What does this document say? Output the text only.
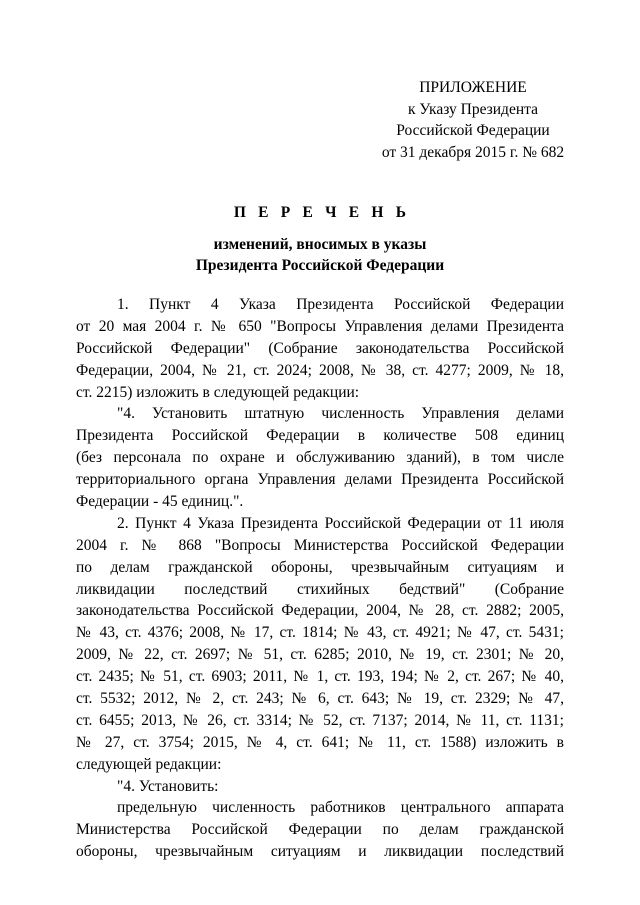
ПРИЛОЖЕНИЕ
к Указу Президента
Российской Федерации
от 31 декабря 2015 г. № 682
П Е Р Е Ч Е Н Ь
изменений, вносимых в указы
Президента Российской Федерации
1. Пункт 4 Указа Президента Российской Федерации
от 20 мая 2004 г. № 650 "Вопросы Управления делами Президента
Российской Федерации" (Собрание законодательства Российской
Федерации, 2004, № 21, ст. 2024; 2008, № 38, ст. 4277; 2009, № 18,
ст. 2215) изложить в следующей редакции:
"4. Установить штатную численность Управления делами
Президента Российской Федерации в количестве 508 единиц
(без персонала по охране и обслуживанию зданий), в том числе
территориального органа Управления делами Президента Российской
Федерации - 45 единиц.".
2. Пункт 4 Указа Президента Российской Федерации от 11 июля
2004 г. № 868 "Вопросы Министерства Российской Федерации
по делам гражданской обороны, чрезвычайным ситуациям и
ликвидации последствий стихийных бедствий" (Собрание
законодательства Российской Федерации, 2004, № 28, ст. 2882; 2005,
№ 43, ст. 4376; 2008, № 17, ст. 1814; № 43, ст. 4921; № 47, ст. 5431;
2009, № 22, ст. 2697; № 51, ст. 6285; 2010, № 19, ст. 2301; № 20,
ст. 2435; № 51, ст. 6903; 2011, № 1, ст. 193, 194; № 2, ст. 267; № 40,
ст. 5532; 2012, № 2, ст. 243; № 6, ст. 643; № 19, ст. 2329; № 47,
ст. 6455; 2013, № 26, ст. 3314; № 52, ст. 7137; 2014, № 11, ст. 1131;
№ 27, ст. 3754; 2015, № 4, ст. 641; № 11, ст. 1588) изложить в
следующей редакции:
"4. Установить:
предельную численность работников центрального аппарата
Министерства Российской Федерации по делам гражданской
обороны, чрезвычайным ситуациям и ликвидации последствий
